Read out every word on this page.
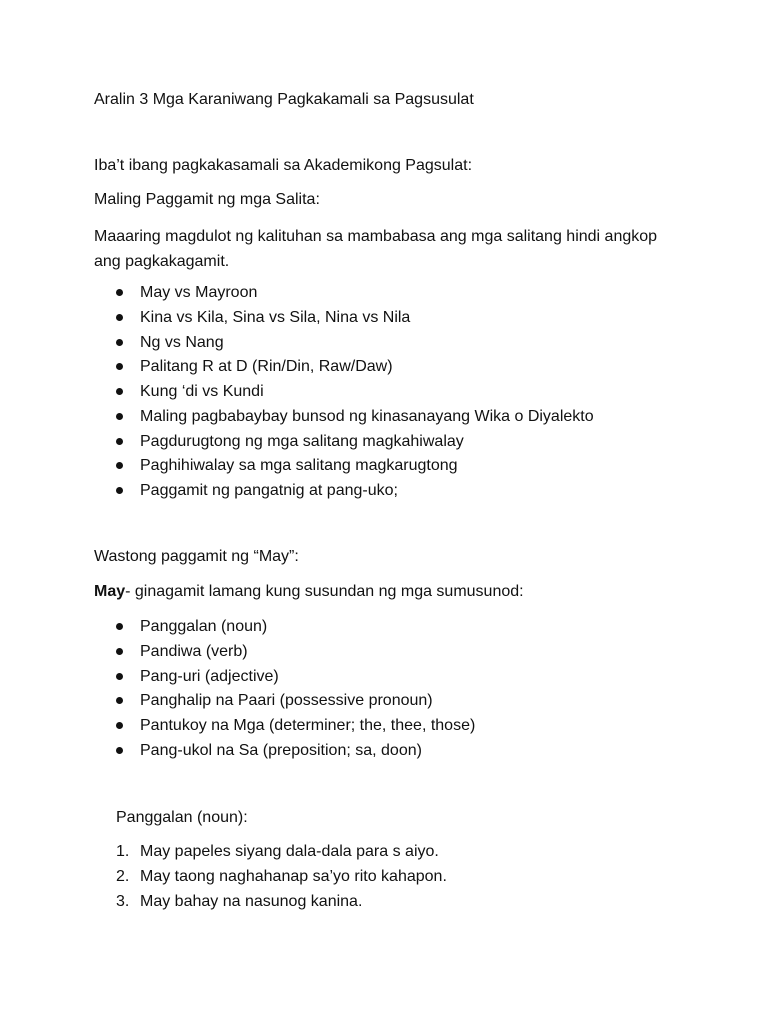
Aralin 3 Mga Karaniwang Pagkakamali sa Pagsusulat

Iba’t ibang pagkakasamali sa Akademikong Pagsulat:

Maling Paggamit ng mga Salita:

Maaaring magdulot ng kalituhan sa mambabasa ang mga salitang hindi angkop ang pagkakagamit.

May vs Mayroon
Kina vs Kila, Sina vs Sila, Nina vs Nila
Ng vs Nang
Palitang R at D (Rin/Din, Raw/Daw)
Kung ‘di vs Kundi
Maling pagbabaybay bunsod ng kinasanayang Wika o Diyalekto
Pagdurugtong ng mga salitang magkahiwalay
Paghihiwalay sa mga salitang magkarugtong
Paggamit ng pangatnig at pang-uko;

Wastong paggamit ng “May”:

May- ginagamit lamang kung susundan ng mga sumusunod:

Panggalan (noun)
Pandiwa (verb)
Pang-uri (adjective)
Panghalip na Paari (possessive pronoun)
Pantukoy na Mga (determiner; the, thee, those)
Pang-ukol na Sa (preposition; sa, doon)

Panggalan (noun):

1. May papeles siyang dala-dala para s aiyo.
2. May taong naghahanap sa’yo rito kahapon.
3. May bahay na nasunog kanina.
